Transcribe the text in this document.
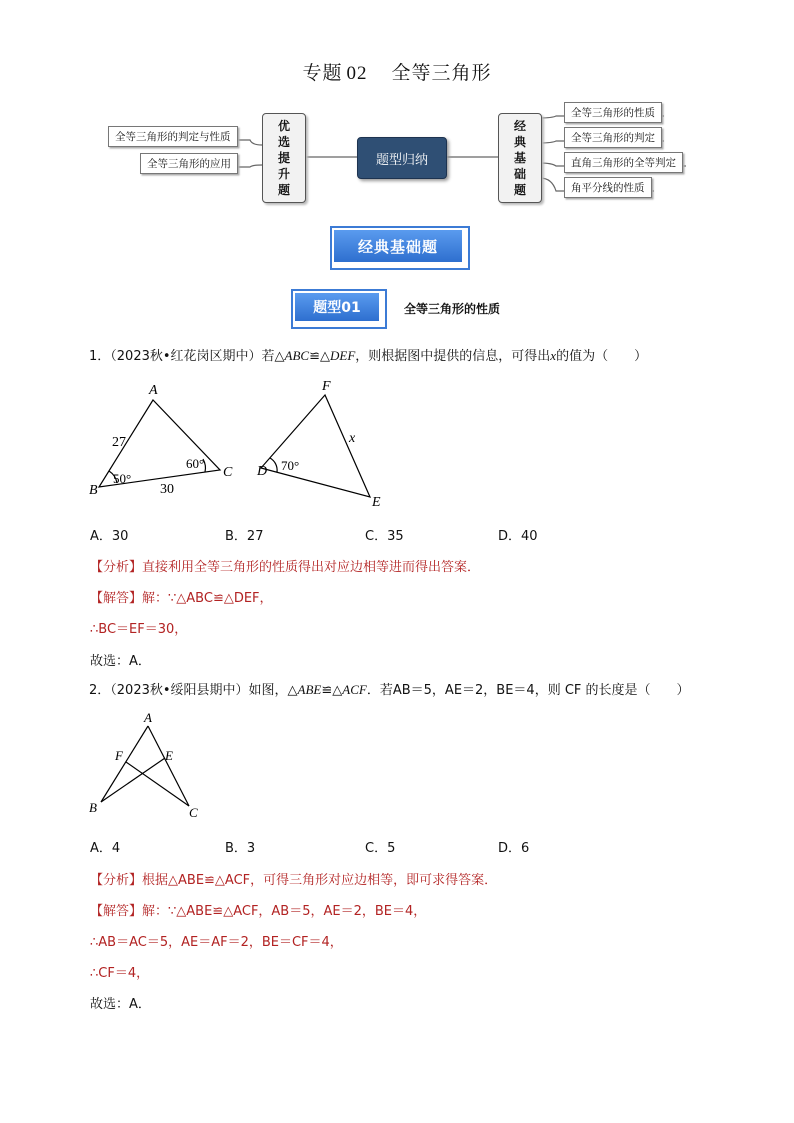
专题 02　 全等三角形
优
选
提
升
题
经
典
基
础
题
题型归纳
全等三角形的判定与性质
全等三角形的应用
全等三角形的性质
全等三角形的判定
直角三角形的全等判定
角平分线的性质
经典基础题
题型01	全等三角形的性质
1．（2023秋•红花岗区期中）若△ABC≌△DEF，则根据图中提供的信息，可得出x的值为（　　）
A
B
C D
E
F
27
30
50°
60°	70°
x
A．30	B．27	C．35	D．40
【分析】直接利用全等三角形的性质得出对应边相等进而得出答案．
【解答】解：∵△ABC≌△DEF，
∴BC＝EF＝30，
故选：A．
2．（2023秋•绥阳县期中）如图，△ABE≌△ACF．若AB＝5，AE＝2，BE＝4，则 CF 的长度是（　　）
A
F	E
B	C
A．4	B．3	C．5	D．6
【分析】根据△ABE≌△ACF，可得三角形对应边相等，即可求得答案．
【解答】解：∵△ABE≌△ACF，AB＝5，AE＝2，BE＝4，
∴AB＝AC＝5，AE＝AF＝2，BE＝CF＝4，
∴CF＝4，
故选：A．
